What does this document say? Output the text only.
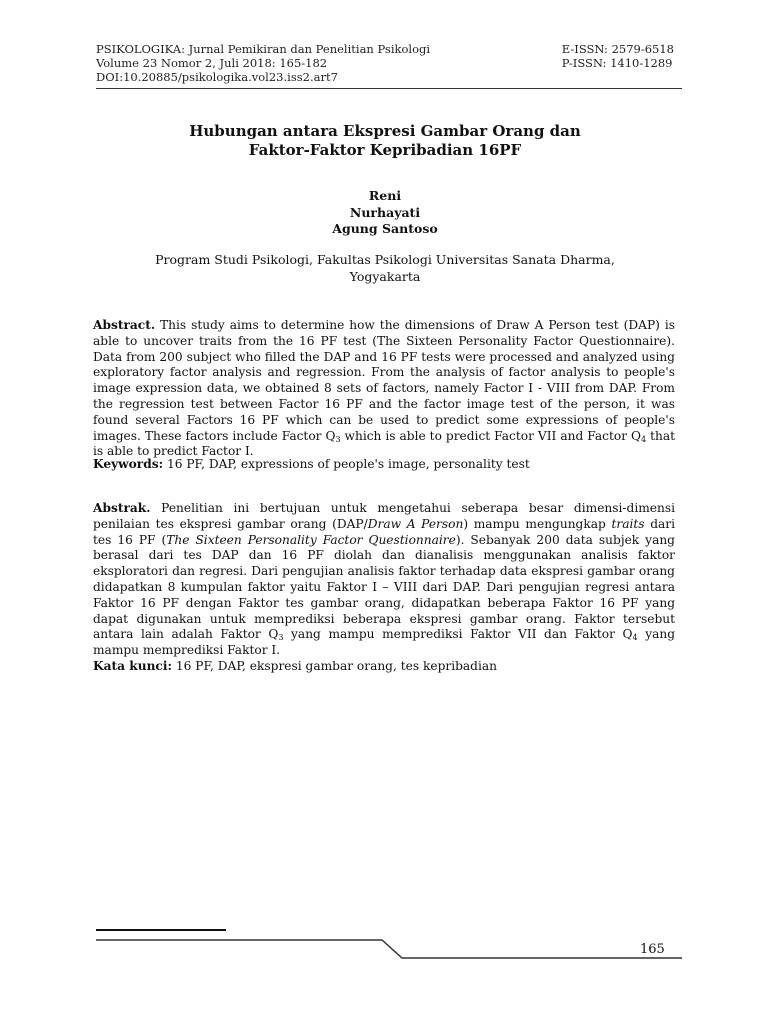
PSIKOLOGIKA: Jurnal Pemikiran dan Penelitian Psikologi
Volume 23 Nomor 2, Juli 2018: 165-182
DOI:10.20885/psikologika.vol23.iss2.art7
E-ISSN: 2579-6518
P-ISSN: 1410-1289
Hubungan antara Ekspresi Gambar Orang dan
Faktor-Faktor Kepribadian 16PF
Reni
Nurhayati
Agung Santoso
Program Studi Psikologi, Fakultas Psikologi Universitas Sanata Dharma,
Yogyakarta
Abstract. This study aims to determine how the dimensions of Draw A Person test (DAP) is able to uncover traits from the 16 PF test (The Sixteen Personality Factor Questionnaire). Data from 200 subject who filled the DAP and 16 PF tests were processed and analyzed using exploratory factor analysis and regression. From the analysis of factor analysis to people's image expression data, we obtained 8 sets of factors, namely Factor I - VIII from DAP. From the regression test between Factor 16 PF and the factor image test of the person, it was found several Factors 16 PF which can be used to predict some expressions of people's images. These factors include Factor $Q_3$ which is able to predict Factor VII and Factor $Q_4$ that is able to predict Factor I.
Keywords: 16 PF, DAP, expressions of people's image, personality test
Abstrak. Penelitian ini bertujuan untuk mengetahui seberapa besar dimensi-dimensi penilaian tes ekspresi gambar orang (DAP/Draw A Person) mampu mengungkap traits dari tes 16 PF (The Sixteen Personality Factor Questionnaire). Sebanyak 200 data subjek yang berasal dari tes DAP dan 16 PF diolah dan dianalisis menggunakan analisis faktor eksploratori dan regresi. Dari pengujian analisis faktor terhadap data ekspresi gambar orang didapatkan 8 kumpulan faktor yaitu Faktor I – VIII dari DAP. Dari pengujian regresi antara Faktor 16 PF dengan Faktor tes gambar orang, didapatkan beberapa Faktor 16 PF yang dapat digunakan untuk memprediksi beberapa ekspresi gambar orang. Faktor tersebut antara lain adalah Faktor $Q_3$ yang mampu memprediksi Faktor VII dan Faktor $Q_4$ yang mampu memprediksi Faktor I.
Kata kunci: 16 PF, DAP, ekspresi gambar orang, tes kepribadian
165
